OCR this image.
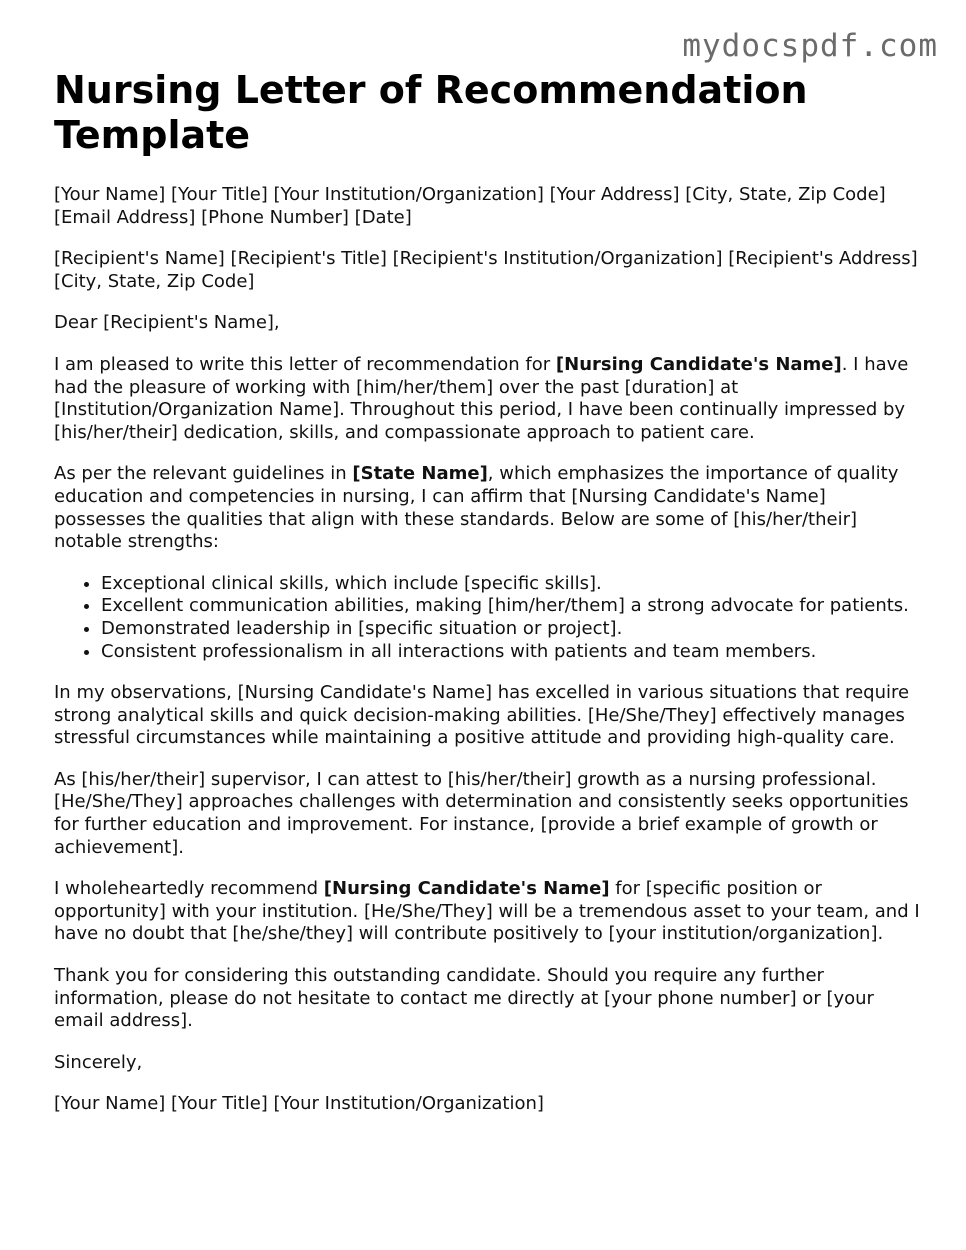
mydocspdf.com
Nursing Letter of Recommendation Template

[Your Name] [Your Title] [Your Institution/Organization] [Your Address] [City, State, Zip Code] [Email Address] [Phone Number] [Date]

[Recipient's Name] [Recipient's Title] [Recipient's Institution/Organization] [Recipient's Address] [City, State, Zip Code]

Dear [Recipient's Name],

I am pleased to write this letter of recommendation for [Nursing Candidate's Name]. I have had the pleasure of working with [him/her/them] over the past [duration] at [Institution/Organization Name]. Throughout this period, I have been continually impressed by [his/her/their] dedication, skills, and compassionate approach to patient care.

As per the relevant guidelines in [State Name], which emphasizes the importance of quality education and competencies in nursing, I can affirm that [Nursing Candidate's Name] possesses the qualities that align with these standards. Below are some of [his/her/their] notable strengths:

• Exceptional clinical skills, which include [specific skills].
• Excellent communication abilities, making [him/her/them] a strong advocate for patients.
• Demonstrated leadership in [specific situation or project].
• Consistent professionalism in all interactions with patients and team members.

In my observations, [Nursing Candidate's Name] has excelled in various situations that require strong analytical skills and quick decision-making abilities. [He/She/They] effectively manages stressful circumstances while maintaining a positive attitude and providing high-quality care.

As [his/her/their] supervisor, I can attest to [his/her/their] growth as a nursing professional. [He/She/They] approaches challenges with determination and consistently seeks opportunities for further education and improvement. For instance, [provide a brief example of growth or achievement].

I wholeheartedly recommend [Nursing Candidate's Name] for [specific position or opportunity] with your institution. [He/She/They] will be a tremendous asset to your team, and I have no doubt that [he/she/they] will contribute positively to [your institution/organization].

Thank you for considering this outstanding candidate. Should you require any further information, please do not hesitate to contact me directly at [your phone number] or [your email address].

Sincerely,

[Your Name] [Your Title] [Your Institution/Organization]
